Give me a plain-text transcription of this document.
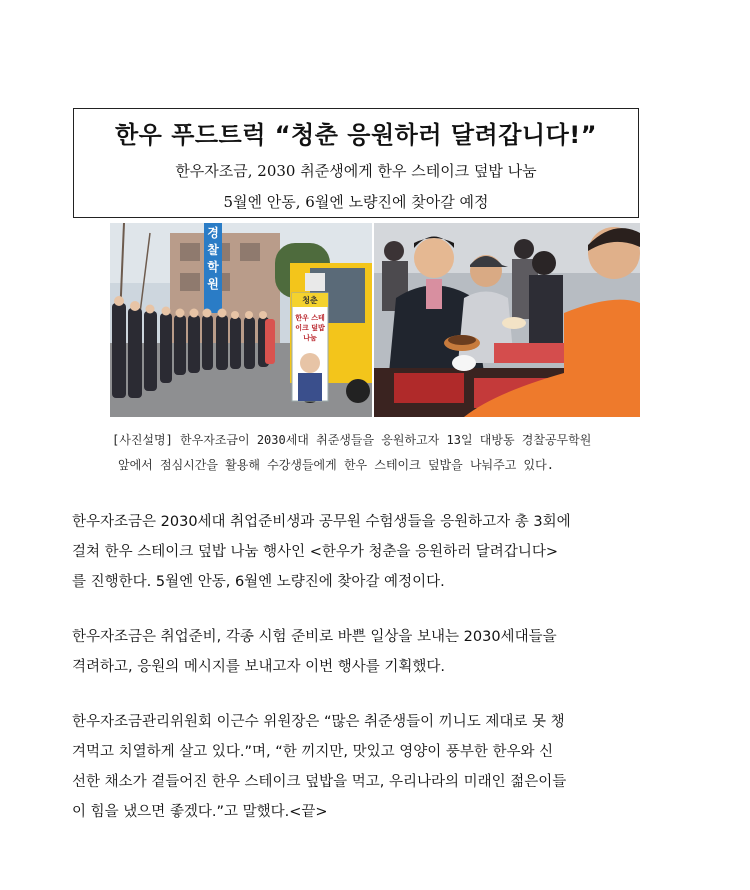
한우 푸드트럭 “청춘 응원하러 달려갑니다!”

한우자조금, 2030 취준생에게 한우 스테이크 덮밥 나눔

5월엔 안동, 6월엔 노량진에 찾아갈 예정

경찰학원
청춘
한우 스테이크 덮밥 나눔

[사진설명] 한우자조금이 2030세대 취준생들을 응원하고자 13일 대방동 경찰공무학원

앞에서 점심시간을 활용해 수강생들에게 한우 스테이크 덮밥을 나눠주고 있다.

한우자조금은 2030세대 취업준비생과 공무원 수험생들을 응원하고자 총 3회에
걸쳐 한우 스테이크 덮밥 나눔 행사인 <한우가 청춘을 응원하러 달려갑니다>
를 진행한다. 5월엔 안동, 6월엔 노량진에 찾아갈 예정이다.
한우자조금은 취업준비, 각종 시험 준비로 바쁜 일상을 보내는 2030세대들을
격려하고, 응원의 메시지를 보내고자 이번 행사를 기획했다.
한우자조금관리위원회 이근수 위원장은 “많은 취준생들이 끼니도 제대로 못 챙
겨먹고 치열하게 살고 있다.”며, “한 끼지만, 맛있고 영양이 풍부한 한우와 신
선한 채소가 곁들어진 한우 스테이크 덮밥을 먹고, 우리나라의 미래인 젊은이들
이 힘을 냈으면 좋겠다.”고 말했다.<끝>
